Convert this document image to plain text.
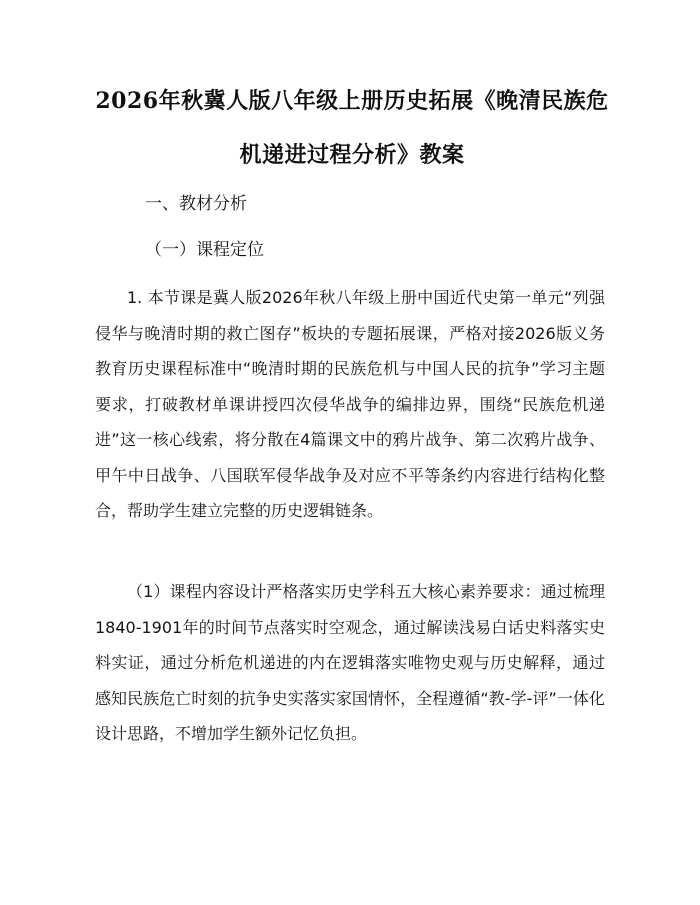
2026年秋冀人版八年级上册历史拓展《晚清民族危机递进过程分析》教案
一、教材分析
（一）课程定位

1. 本节课是冀人版2026年秋八年级上册中国近代史第一单元“列强侵华与晚清时期的救亡图存”板块的专题拓展课，严格对接2026版义务教育历史课程标准中“晚清时期的民族危机与中国人民的抗争”学习主题要求，打破教材单课讲授四次侵华战争的编排边界，围绕“民族危机递进”这一核心线索，将分散在4篇课文中的鸦片战争、第二次鸦片战争、甲午中日战争、八国联军侵华战争及对应不平等条约内容进行结构化整合，帮助学生建立完整的历史逻辑链条。

（1）课程内容设计严格落实历史学科五大核心素养要求：通过梳理1840-1901年的时间节点落实时空观念，通过解读浅易白话史料落实史料实证，通过分析危机递进的内在逻辑落实唯物史观与历史解释，通过感知民族危亡时刻的抗争史实落实家国情怀，全程遵循“教-学-评”一体化设计思路，不增加学生额外记忆负担。
